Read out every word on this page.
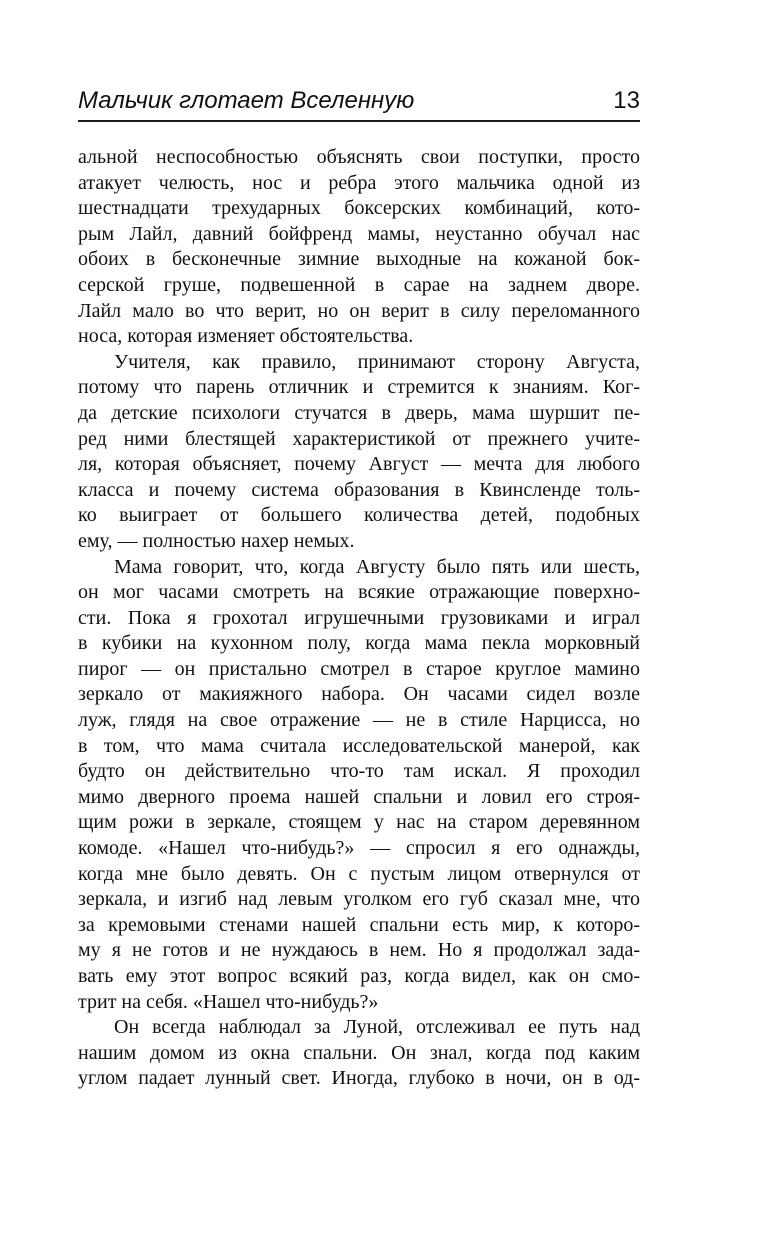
Мальчик глотает Вселенную	13
альной неспособностью объяснять свои поступки, просто
атакует челюсть, нос и ребра этого мальчика одной из
шестнадцати трехударных боксерских комбинаций, кото-
рым Лайл, давний бойфренд мамы, неустанно обучал нас
обоих в бесконечные зимние выходные на кожаной бок-
серской груше, подвешенной в сарае на заднем дворе.
Лайл мало во что верит, но он верит в силу переломанного
носа, которая изменяет обстоятельства.
Учителя, как правило, принимают сторону Августа,
потому что парень отличник и стремится к знаниям. Ког-
да детские психологи стучатся в дверь, мама шуршит пе-
ред ними блестящей характеристикой от прежнего учите-
ля, которая объясняет, почему Август — мечта для любого
класса и почему система образования в Квинсленде толь-
ко выиграет от большего количества детей, подобных
ему, — полностью нахер немых.
Мама говорит, что, когда Августу было пять или шесть,
он мог часами смотреть на всякие отражающие поверхно-
сти. Пока я грохотал игрушечными грузовиками и играл
в кубики на кухонном полу, когда мама пекла морковный
пирог — он пристально смотрел в старое круглое мамино
зеркало от макияжного набора. Он часами сидел возле
луж, глядя на свое отражение — не в стиле Нарцисса, но
в том, что мама считала исследовательской манерой, как
будто он действительно что-то там искал. Я проходил
мимо дверного проема нашей спальни и ловил его строя-
щим рожи в зеркале, стоящем у нас на старом деревянном
комоде. «Нашел что-нибудь?» — спросил я его однажды,
когда мне было девять. Он с пустым лицом отвернулся от
зеркала, и изгиб над левым уголком его губ сказал мне, что
за кремовыми стенами нашей спальни есть мир, к которо-
му я не готов и не нуждаюсь в нем. Но я продолжал зада-
вать ему этот вопрос всякий раз, когда видел, как он смо-
трит на себя. «Нашел что-нибудь?»
Он всегда наблюдал за Луной, отслеживал ее путь над
нашим домом из окна спальни. Он знал, когда под каким
углом падает лунный свет. Иногда, глубоко в ночи, он в од-
